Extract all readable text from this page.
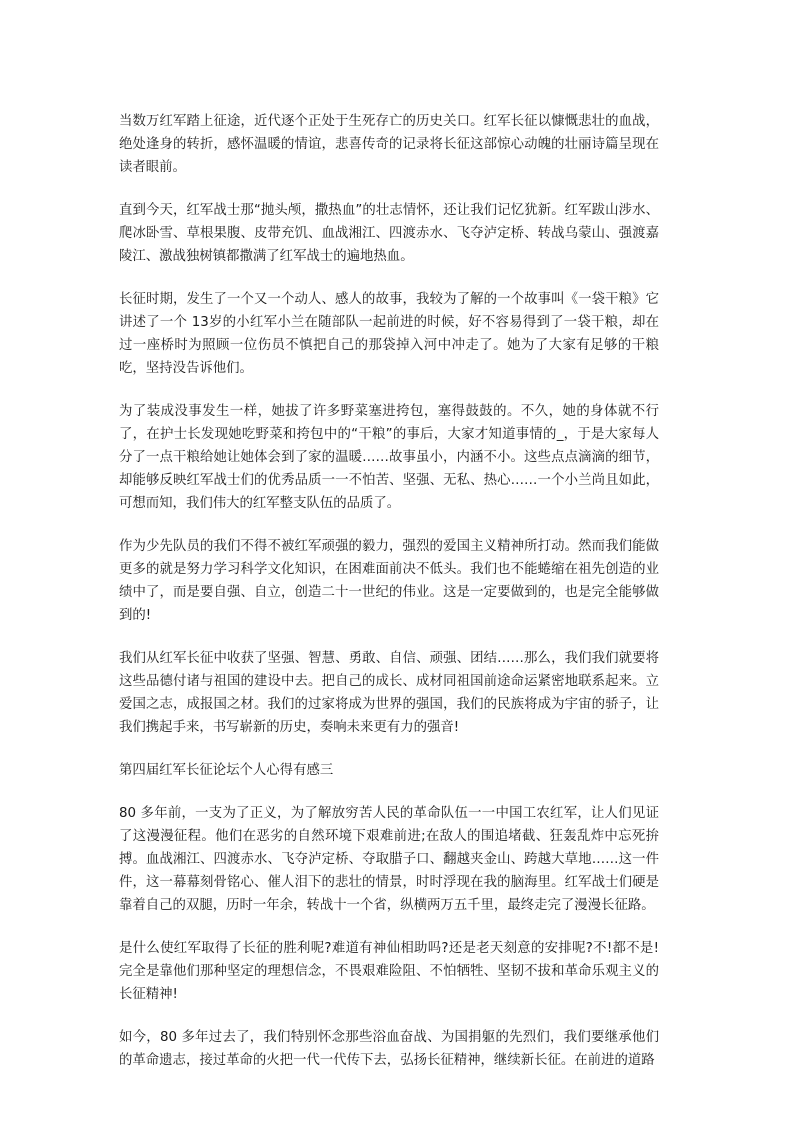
当数万红军踏上征途，近代逐个正处于生死存亡的历史关口。红军长征以慷慨悲壮的血战，绝处逢身的转折，感怀温暖的情谊，悲喜传奇的记录将长征这部惊心动魄的壮丽诗篇呈现在读者眼前。

直到今天，红军战士那“抛头颅，撒热血”的壮志情怀，还让我们记忆犹新。红军跋山涉水、爬冰卧雪、草根果腹、皮带充饥、血战湘江、四渡赤水、飞夺泸定桥、转战乌蒙山、强渡嘉陵江、激战独树镇都撒满了红军战士的遍地热血。

长征时期，发生了一个又一个动人、感人的故事，我较为了解的一个故事叫《一袋干粮》它讲述了一个 13岁的小红军小兰在随部队一起前进的时候，好不容易得到了一袋干粮，却在过一座桥时为照顾一位伤员不慎把自己的那袋掉入河中冲走了。她为了大家有足够的干粮吃，坚持没告诉他们。

为了装成没事发生一样，她拔了许多野菜塞进挎包，塞得鼓鼓的。不久，她的身体就不行了，在护士长发现她吃野菜和挎包中的“干粮”的事后，大家才知道事情的_，于是大家每人分了一点干粮给她让她体会到了家的温暖……故事虽小，内涵不小。这些点点滴滴的细节，却能够反映红军战士们的优秀品质一一不怕苦、坚强、无私、热心……一个小兰尚且如此，可想而知，我们伟大的红军整支队伍的品质了。

作为少先队员的我们不得不被红军顽强的毅力，强烈的爱国主义精神所打动。然而我们能做更多的就是努力学习科学文化知识，在困难面前决不低头。我们也不能蜷缩在祖先创造的业绩中了，而是要自强、自立，创造二十一世纪的伟业。这是一定要做到的，也是完全能够做到的!

我们从红军长征中收获了坚强、智慧、勇敢、自信、顽强、团结……那么，我们我们就要将这些品德付诸与祖国的建设中去。把自己的成长、成材同祖国前途命运紧密地联系起来。立爱国之志，成报国之材。我们的过家将成为世界的强国，我们的民族将成为宇宙的骄子，让我们携起手来，书写崭新的历史，奏响未来更有力的强音!

第四届红军长征论坛个人心得有感三

80 多年前，一支为了正义，为了解放穷苦人民的革命队伍一一中国工农红军，让人们见证了这漫漫征程。他们在恶劣的自然环境下艰难前进;在敌人的围追堵截、狂轰乱炸中忘死拚搏。血战湘江、四渡赤水、飞夺泸定桥、夺取腊子口、翻越夹金山、跨越大草地……这一件件，这一幕幕刻骨铭心、催人泪下的悲壮的情景，时时浮现在我的脑海里。红军战士们硬是靠着自己的双腿，历时一年余，转战十一个省，纵横两万五千里，最终走完了漫漫长征路。

是什么使红军取得了长征的胜利呢?难道有神仙相助吗?还是老天刻意的安排呢?不!都不是!完全是靠他们那种坚定的理想信念，不畏艰难险阻、不怕牺牲、坚韧不拔和革命乐观主义的长征精神!

如今，80 多年过去了，我们特别怀念那些浴血奋战、为国捐躯的先烈们，我们要继承他们的革命遗志，接过革命的火把一代一代传下去，弘扬长征精神，继续新长征。在前进的道路
